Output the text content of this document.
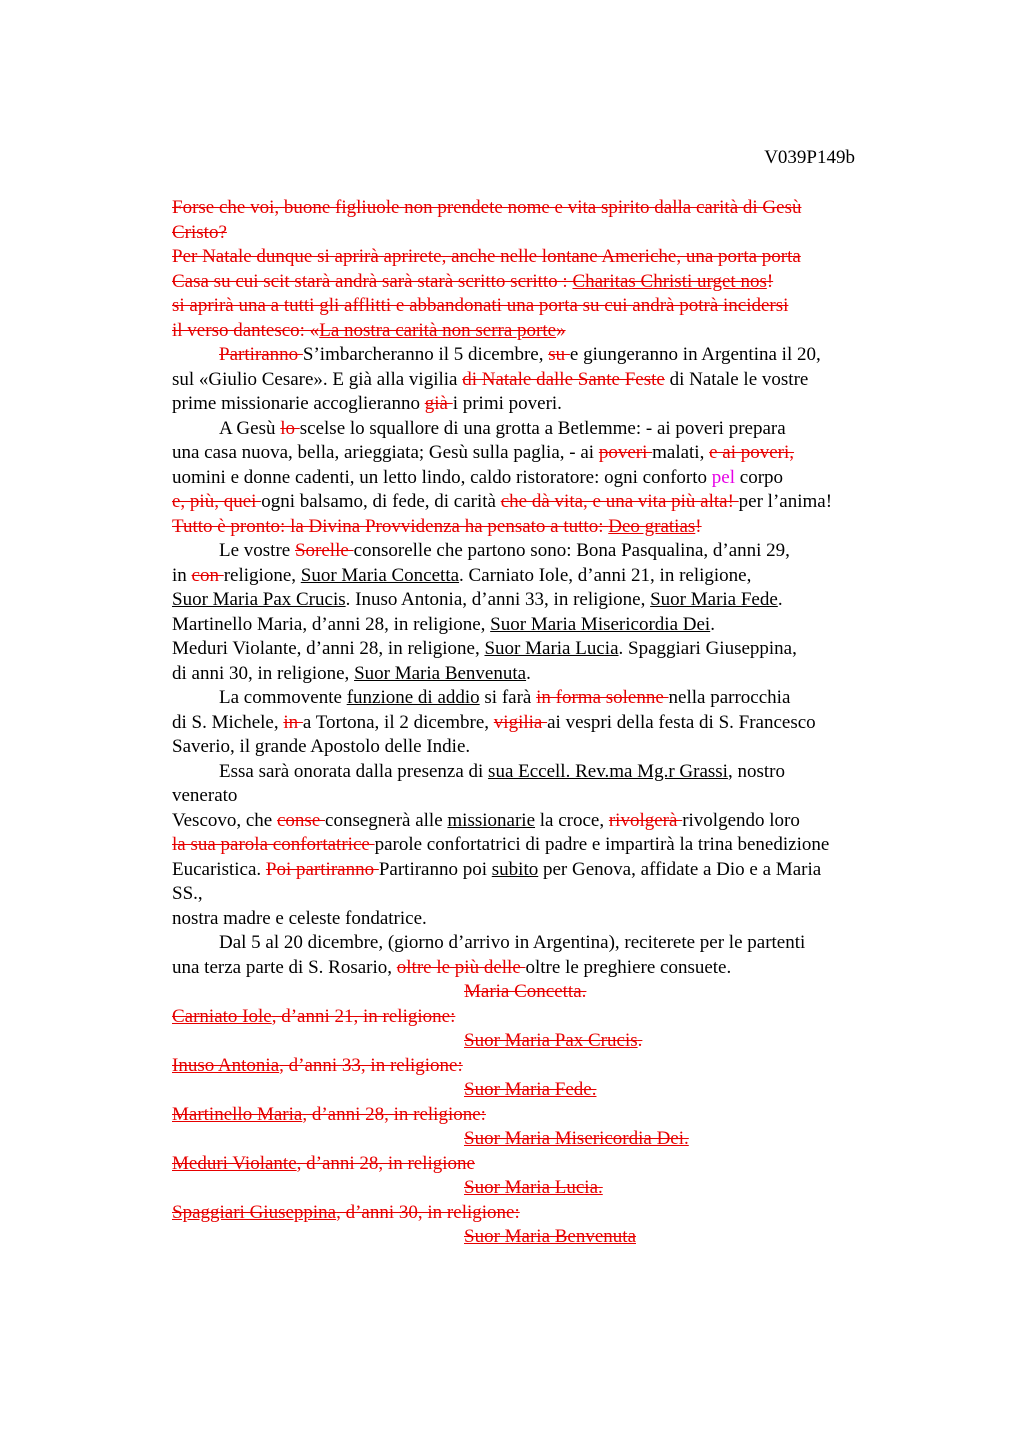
V039P149b
Forse che voi, buone figliuole non prendete nome e vita spirito dalla carità di Gesù
Cristo?
Per Natale dunque si aprirà aprirete, anche nelle lontane Americhe, una porta porta
Casa su cui scit starà andrà sarà starà scritto scritto : Charitas Christi urget nos!
si aprirà una a tutti gli afflitti e abbandonati una porta su cui andrà potrà incidersi
il verso dantesco: «La nostra carità non serra porte»
Partiranno S’imbarcheranno il 5 dicembre, su e giungeranno in Argentina il 20,
sul «Giulio Cesare». E già alla vigilia di Natale dalle Sante Feste di Natale le vostre
prime missionarie accoglieranno già i primi poveri.
A Gesù lo scelse lo squallore di una grotta a Betlemme: - ai poveri prepara
una casa nuova, bella, arieggiata; Gesù sulla paglia, - ai poveri malati, e ai poveri,
uomini e donne cadenti, un letto lindo, caldo ristoratore: ogni conforto pel corpo
e, più, quei ogni balsamo, di fede, di carità che dà vita, e una vita più alta! per l’anima!
Tutto è pronto: la Divina Provvidenza ha pensato a tutto: Deo gratias!
Le vostre Sorelle consorelle che partono sono: Bona Pasqualina, d’anni 29,
in con religione, Suor Maria Concetta. Carniato Iole, d’anni 21, in religione,
Suor Maria Pax Crucis. Inuso Antonia, d’anni 33, in religione, Suor Maria Fede.
Martinello Maria, d’anni 28, in religione, Suor Maria Misericordia Dei.
Meduri Violante, d’anni 28, in religione, Suor Maria Lucia. Spaggiari Giuseppina,
di anni 30, in religione, Suor Maria Benvenuta.
La commovente funzione di addio si farà in forma solenne nella parrocchia
di S. Michele, in a Tortona, il 2 dicembre, vigilia ai vespri della festa di S. Francesco
Saverio, il grande Apostolo delle Indie.
Essa sarà onorata dalla presenza di sua Eccell. Rev.ma Mg.r Grassi, nostro
venerato
Vescovo, che conse consegnerà alle missionarie la croce, rivolgerà rivolgendo loro
la sua parola confortatrice parole confortatrici di padre e impartirà la trina benedizione
Eucaristica. Poi partiranno Partiranno poi subito per Genova, affidate a Dio e a Maria
SS.,
nostra madre e celeste fondatrice.
Dal 5 al 20 dicembre, (giorno d’arrivo in Argentina), reciterete per le partenti
una terza parte di S. Rosario, oltre le più delle oltre le preghiere consuete.
Maria Concetta.
Carniato Iole, d’anni 21, in religione:
Suor Maria Pax Crucis.
Inuso Antonia, d’anni 33, in religione:
Suor Maria Fede.
Martinello Maria, d’anni 28, in religione:
Suor Maria Misericordia Dei.
Meduri Violante, d’anni 28, in religione
Suor Maria Lucia.
Spaggiari Giuseppina, d’anni 30, in religione:
Suor Maria Benvenuta
